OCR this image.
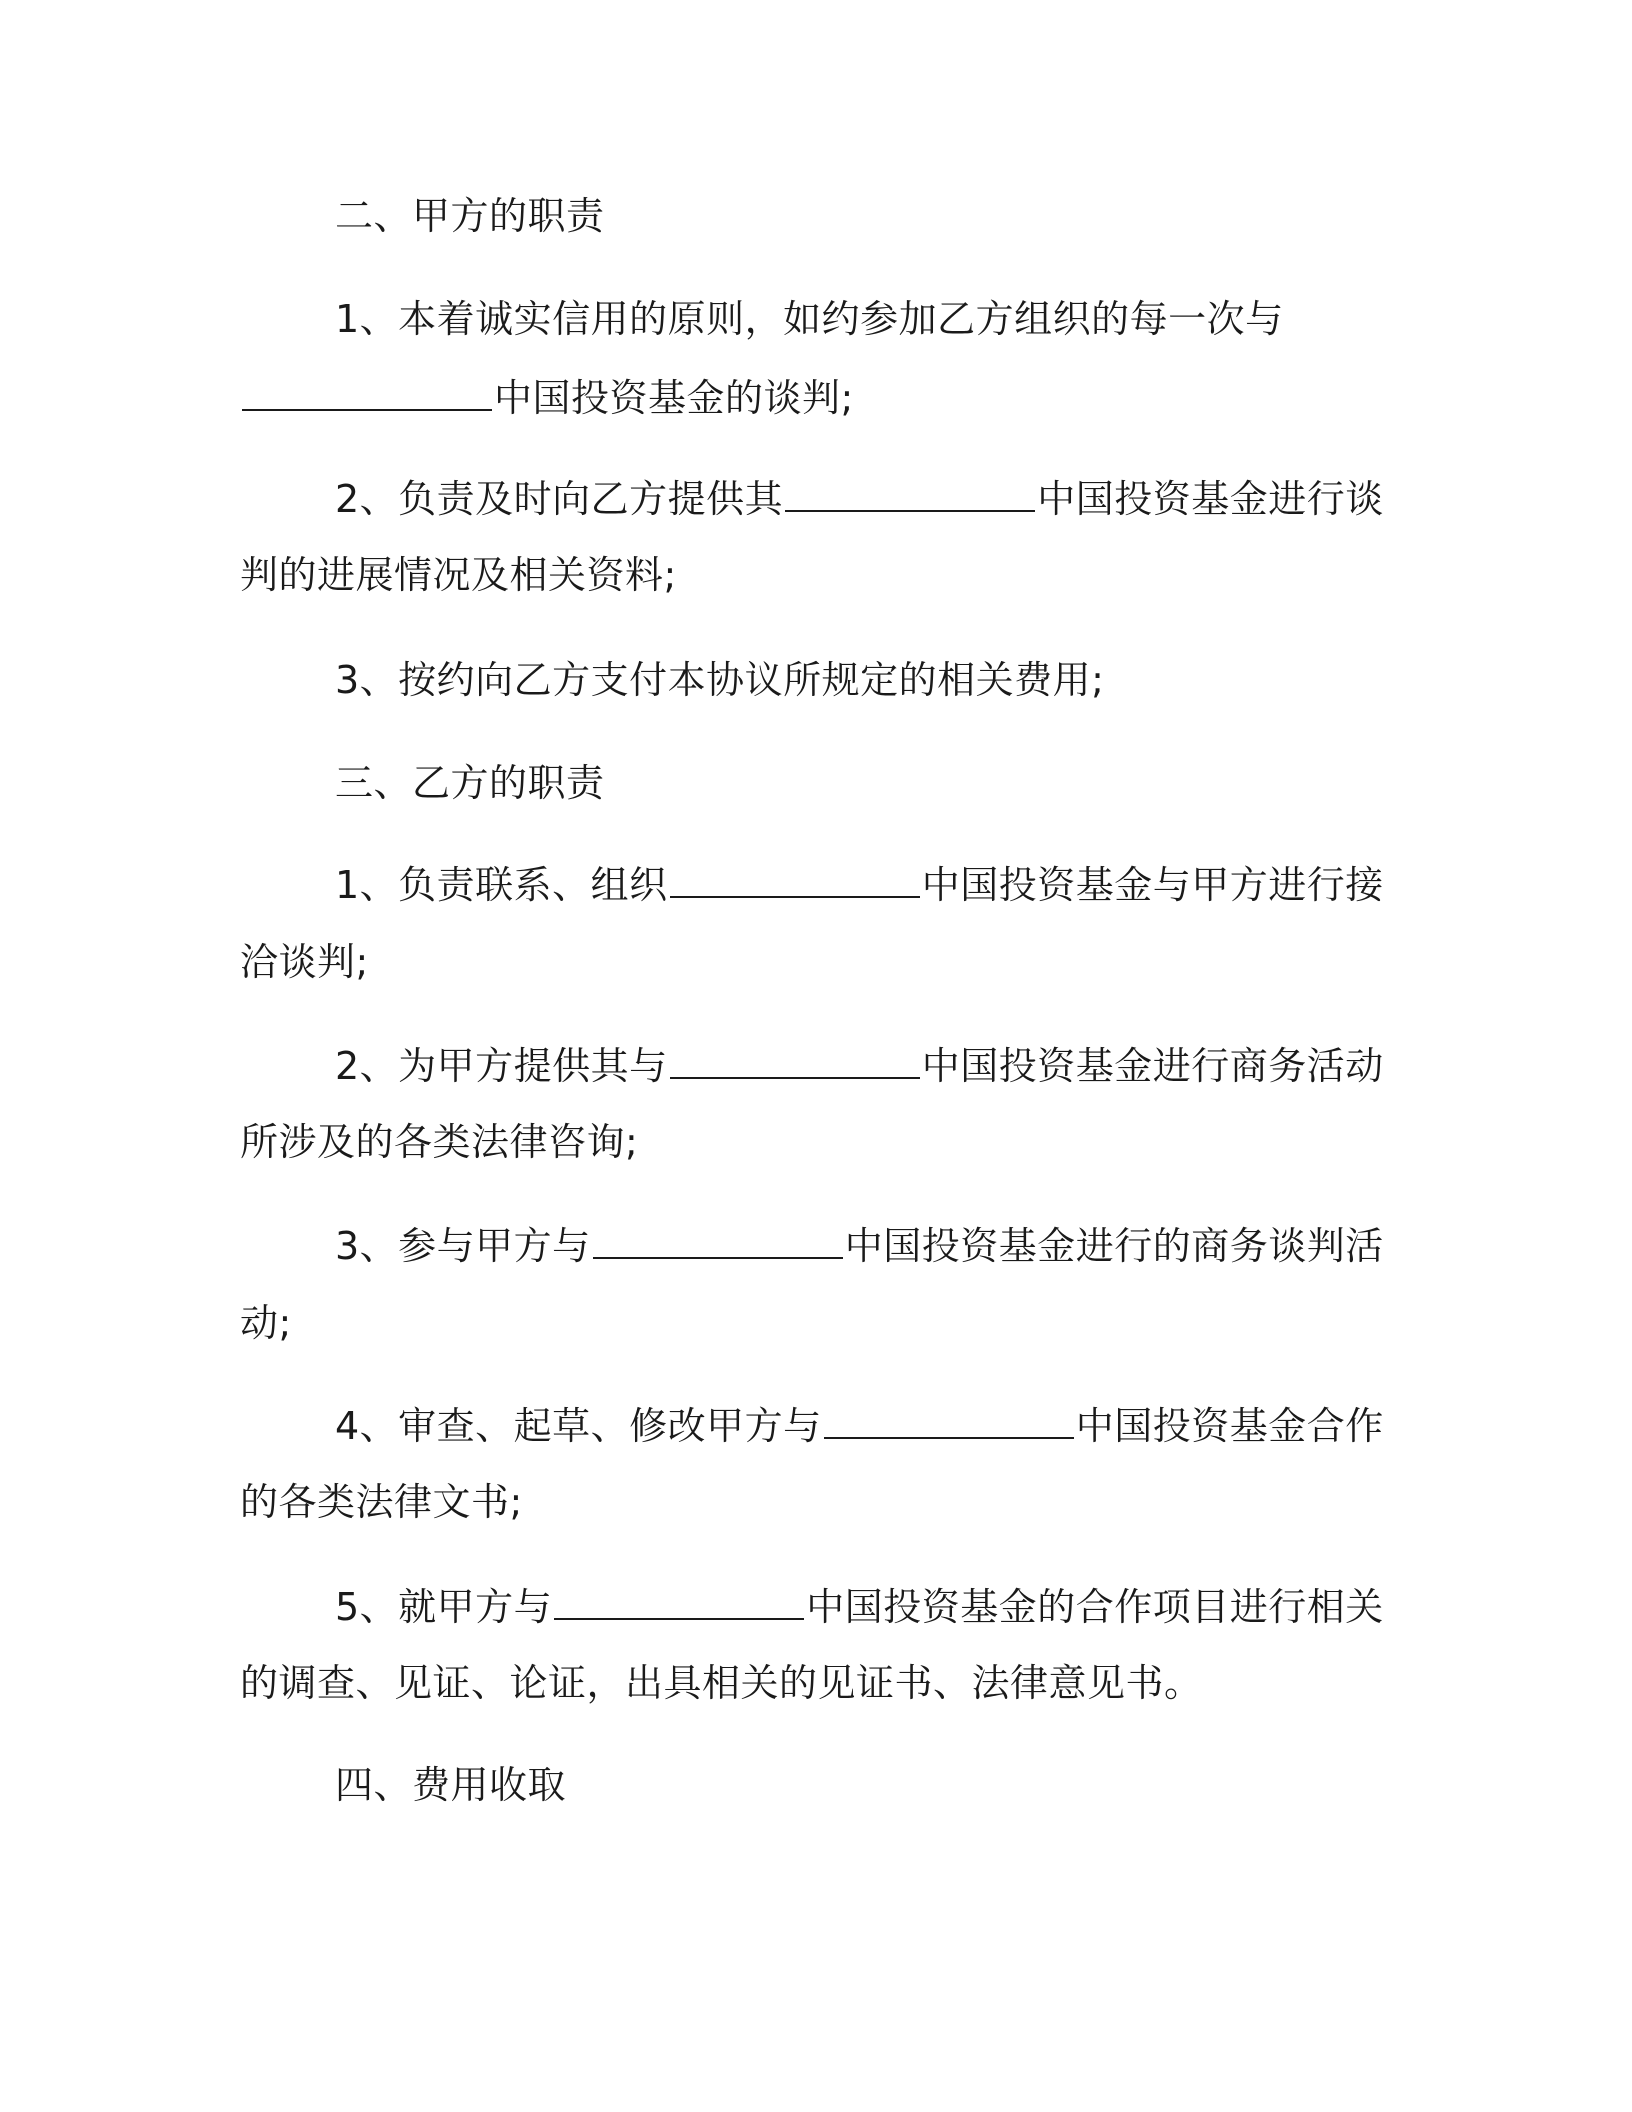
二、甲方的职责
1、本着诚实信用的原则，如约参加乙方组织的每一次与
中国投资基金的谈判;
2、负责及时向乙方提供其	中国投资基金进行谈
判的进展情况及相关资料;
3、按约向乙方支付本协议所规定的相关费用;
三、乙方的职责
1、负责联系、组织	中国投资基金与甲方进行接
洽谈判;
2、为甲方提供其与	中国投资基金进行商务活动
所涉及的各类法律咨询;
3、参与甲方与	中国投资基金进行的商务谈判活
动;
4、审查、起草、修改甲方与	中国投资基金合作
的各类法律文书;
5、就甲方与	中国投资基金的合作项目进行相关
的调查、见证、论证，出具相关的见证书、法律意见书。
四、费用收取
